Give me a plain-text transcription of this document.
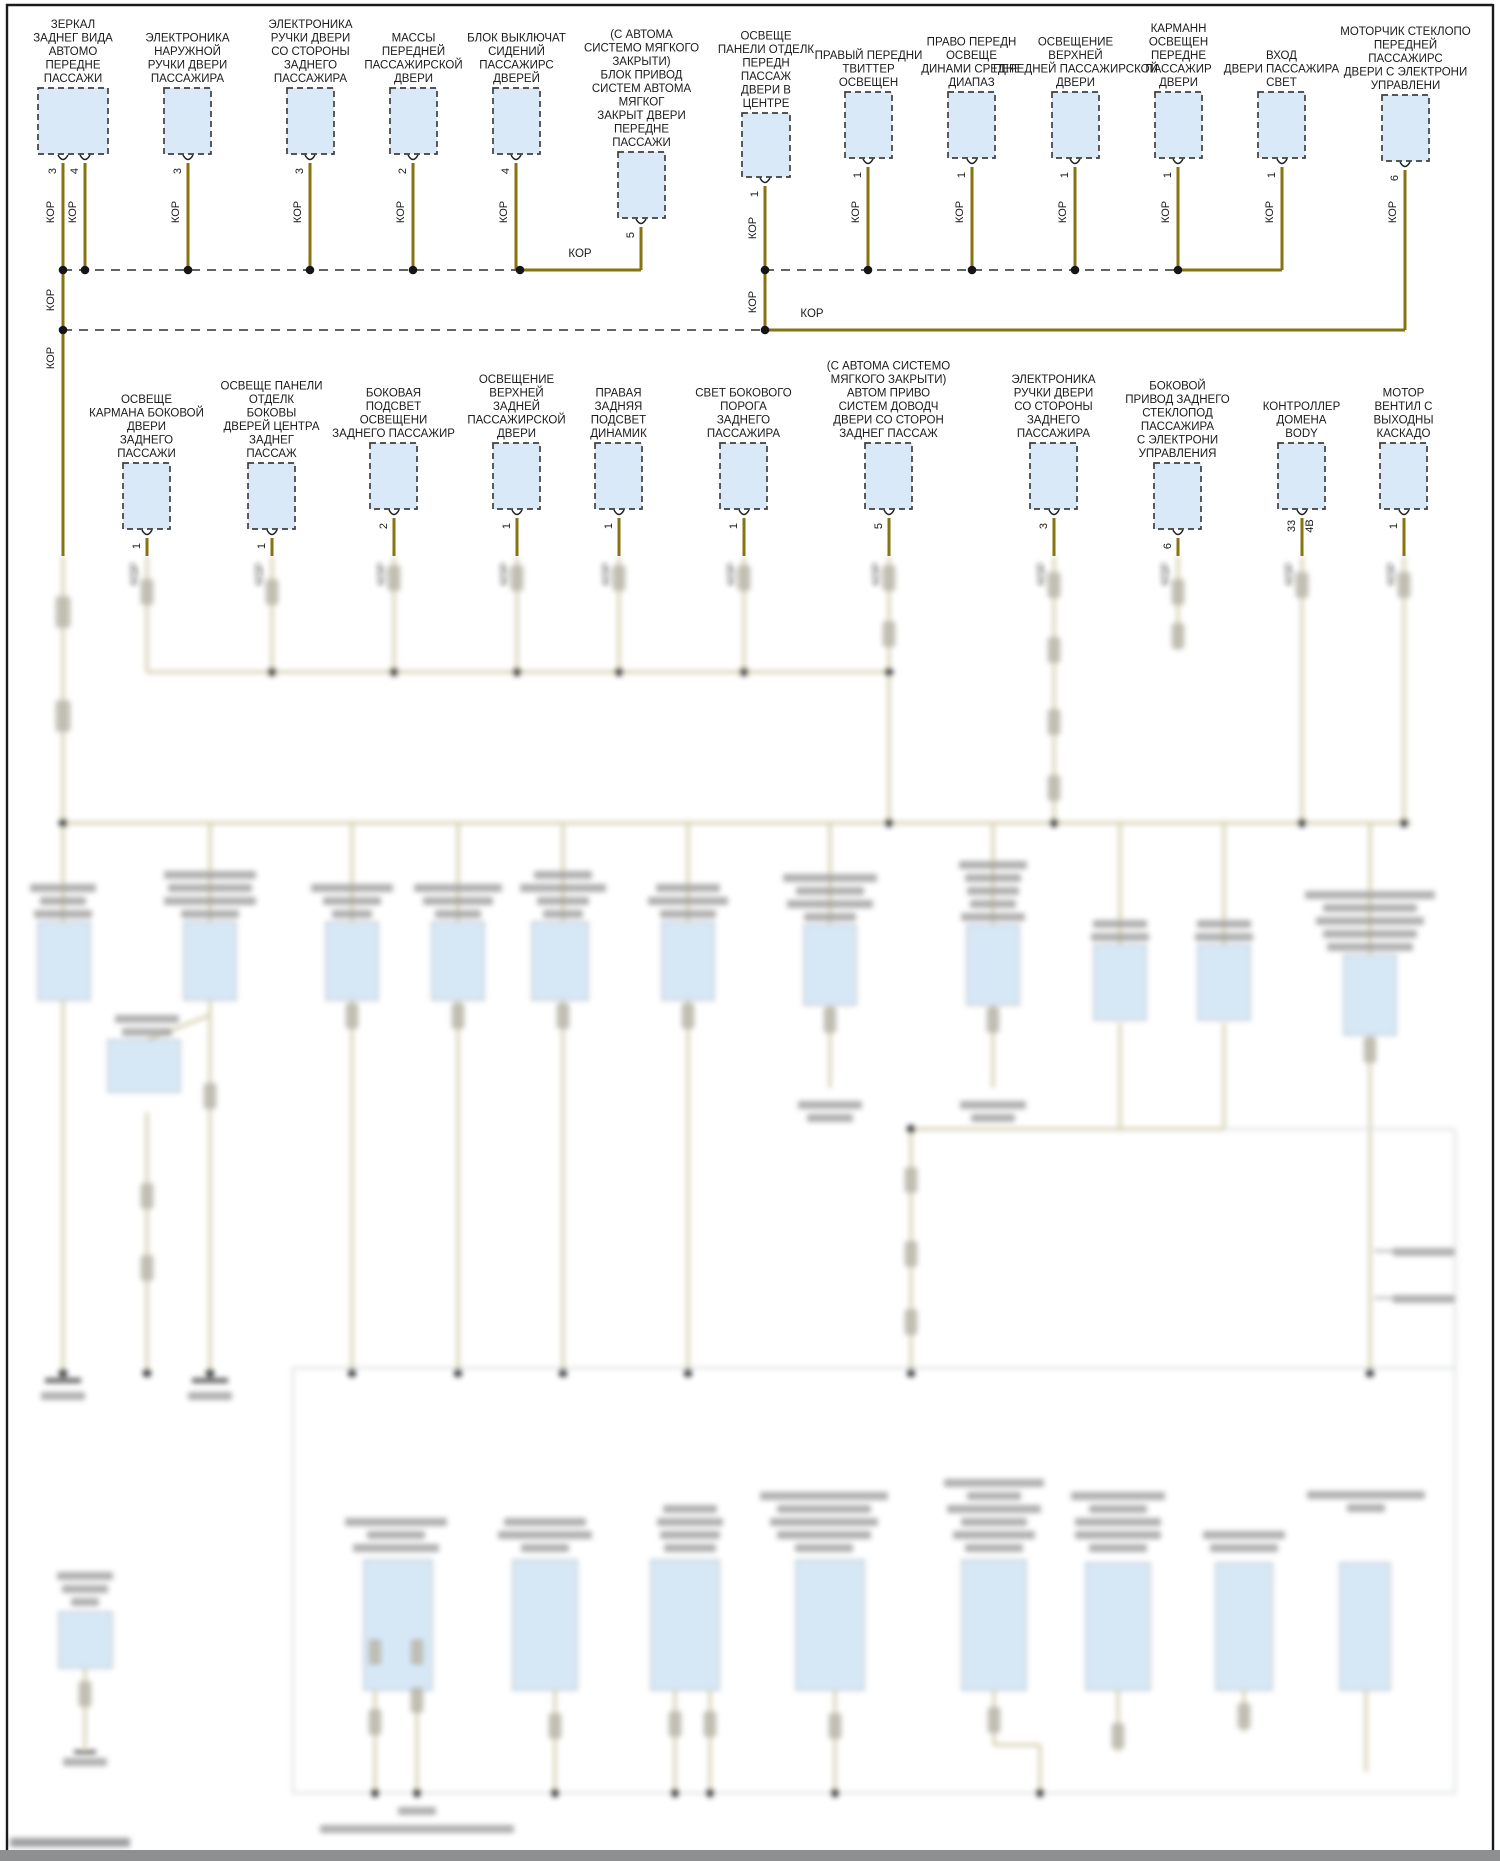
КОР	КОР	КОР	КОР	КОР	КОР	КОР	КОР	КОР	КОР	КОР
ЗЕРКАЛ
ЗАДНЕГ ВИДА
АВТОМО
ПЕРЕДНЕ
ПАССАЖИ
3
КОР
4
КОР
ЭЛЕКТРОНИКА
НАРУЖНОЙ
РУЧКИ ДВЕРИ
ПАССАЖИРА
3
КОР
ЭЛЕКТРОНИКА
РУЧКИ ДВЕРИ
СО СТОРОНЫ
ЗАДНЕГО
ПАССАЖИРА
3
КОР
МАССЫ
ПЕРЕДНЕЙ
ПАССАЖИРСКОЙ
ДВЕРИ
2
КОР
БЛОК ВЫКЛЮЧАТ
СИДЕНИЙ
ПАССАЖИРС
ДВЕРЕЙ
4
КОР
(С АВТОМА
СИСТЕМО МЯГКОГО
ЗАКРЫТИ)
БЛОК ПРИВОД
СИСТЕМ АВТОМА
МЯГКОГ
ЗАКРЫТ ДВЕРИ
ПЕРЕДНЕ
ПАССАЖИ
5
ОСВЕЩЕ
ПАНЕЛИ ОТДЕЛК
ПЕРЕДН
ПАССАЖ
ДВЕРИ В
ЦЕНТРЕ
1
КОР
ПРАВЫЙ ПЕРЕДНИ
ТВИТТЕР
ОСВЕЩЕН
1
КОР
ПРАВО ПЕРЕДН
ОСВЕЩЕ
ДИНАМИ СРЕДНЕ
ДИАПАЗ
1
КОР
ОСВЕЩЕНИЕ
ВЕРХНЕЙ
ПЕРЕДНЕЙ ПАССАЖИРСКОЙ
ДВЕРИ
1
КОР
КАРМАНН
ОСВЕЩЕН
ПЕРЕДНЕ
ПАССАЖИР
ДВЕРИ
1
КОР
ВХОД
ДВЕРИ ПАССАЖИРА
СВЕТ
1
КОР
МОТОРЧИК СТЕКЛОПО
ПЕРЕДНЕЙ
ПАССАЖИРС
ДВЕРИ С ЭЛЕКТРОНИ
УПРАВЛЕНИ
6
КОР
ОСВЕЩЕ
КАРМАНА БОКОВОЙ
ДВЕРИ
ЗАДНЕГО
ПАССАЖИ
1
ОСВЕЩЕ ПАНЕЛИ
ОТДЕЛК
БОКОВЫ
ДВЕРЕЙ ЦЕНТРА
ЗАДНЕГ
ПАССАЖ
1
БОКОВАЯ
ПОДСВЕТ
ОСВЕЩЕНИ
ЗАДНЕГО ПАССАЖИР
2
ОСВЕЩЕНИЕ
ВЕРХНЕЙ
ЗАДНЕЙ
ПАССАЖИРСКОЙ
ДВЕРИ
1
ПРАВАЯ
ЗАДНЯЯ
ПОДСВЕТ
ДИНАМИК
1
СВЕТ БОКОВОГО
ПОРОГА
ЗАДНЕГО
ПАССАЖИРА
1
(С АВТОМА СИСТЕМО
МЯГКОГО ЗАКРЫТИ)
АВТОМ ПРИВО
СИСТЕМ ДОВОДЧ
ДВЕРИ СО СТОРОН
ЗАДНЕГ ПАССАЖ
5
ЭЛЕКТРОНИКА
РУЧКИ ДВЕРИ
СО СТОРОНЫ
ЗАДНЕГО
ПАССАЖИРА
3
БОКОВОЙ
ПРИВОД ЗАДНЕГО
СТЕКЛОПОД
ПАССАЖИРА
С ЭЛЕКТРОНИ
УПРАВЛЕНИЯ
6
КОНТРОЛЛЕР
ДОМЕНА
BODY
33 4В
МОТОР
ВЕНТИЛ С
ВЫХОДНЫ
КАСКАДО
1
КОР
КОР
КОР	КОР
КОР
